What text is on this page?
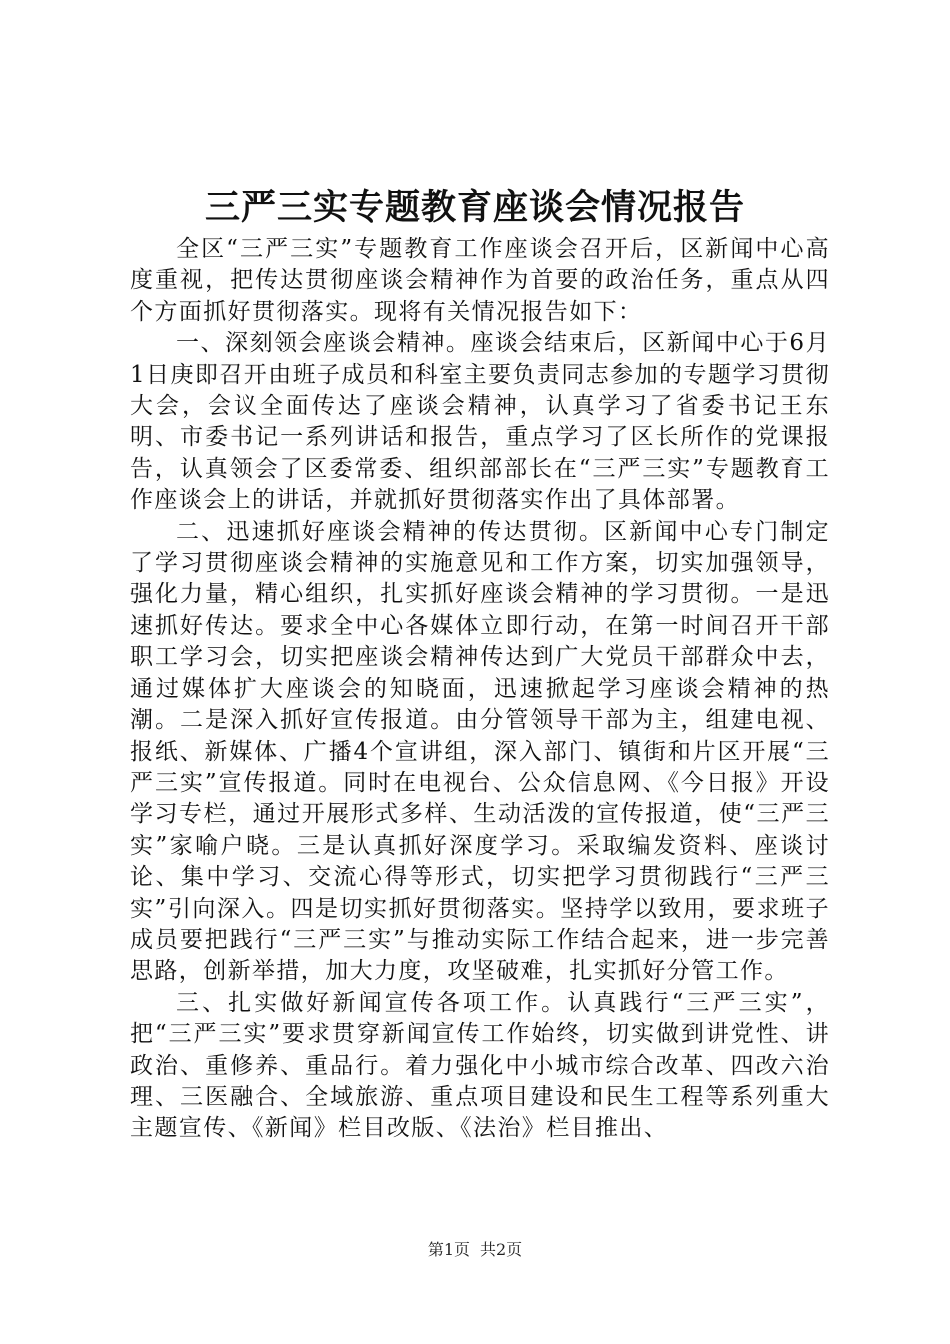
三严三实专题教育座谈会情况报告

全区“三严三实”专题教育工作座谈会召开后，区新闻中心高度重视，把传达贯彻座谈会精神作为首要的政治任务，重点从四个方面抓好贯彻落实。现将有关情况报告如下：

一、深刻领会座谈会精神。座谈会结束后，区新闻中心于6月1日庚即召开由班子成员和科室主要负责同志参加的专题学习贯彻大会，会议全面传达了座谈会精神，认真学习了省委书记王东明、市委书记一系列讲话和报告，重点学习了区长所作的党课报告，认真领会了区委常委、组织部部长在“三严三实”专题教育工作座谈会上的讲话，并就抓好贯彻落实作出了具体部署。

二、迅速抓好座谈会精神的传达贯彻。区新闻中心专门制定了学习贯彻座谈会精神的实施意见和工作方案，切实加强领导，强化力量，精心组织，扎实抓好座谈会精神的学习贯彻。一是迅速抓好传达。要求全中心各媒体立即行动，在第一时间召开干部职工学习会，切实把座谈会精神传达到广大党员干部群众中去，通过媒体扩大座谈会的知晓面，迅速掀起学习座谈会精神的热潮。二是深入抓好宣传报道。由分管领导干部为主，组建电视、报纸、新媒体、广播4个宣讲组，深入部门、镇街和片区开展“三严三实”宣传报道。同时在电视台、公众信息网、《今日报》开设学习专栏，通过开展形式多样、生动活泼的宣传报道，使“三严三实”家喻户晓。三是认真抓好深度学习。采取编发资料、座谈讨论、集中学习、交流心得等形式，切实把学习贯彻践行“三严三实”引向深入。四是切实抓好贯彻落实。坚持学以致用，要求班子成员要把践行“三严三实”与推动实际工作结合起来，进一步完善思路，创新举措，加大力度，攻坚破难，扎实抓好分管工作。

三、扎实做好新闻宣传各项工作。认真践行“三严三实”，把“三严三实”要求贯穿新闻宣传工作始终，切实做到讲党性、讲政治、重修养、重品行。着力强化中小城市综合改革、四改六治理、三医融合、全域旅游、重点项目建设和民生工程等系列重大主题宣传、《新闻》栏目改版、《法治》栏目推出、

第1页 共2页
